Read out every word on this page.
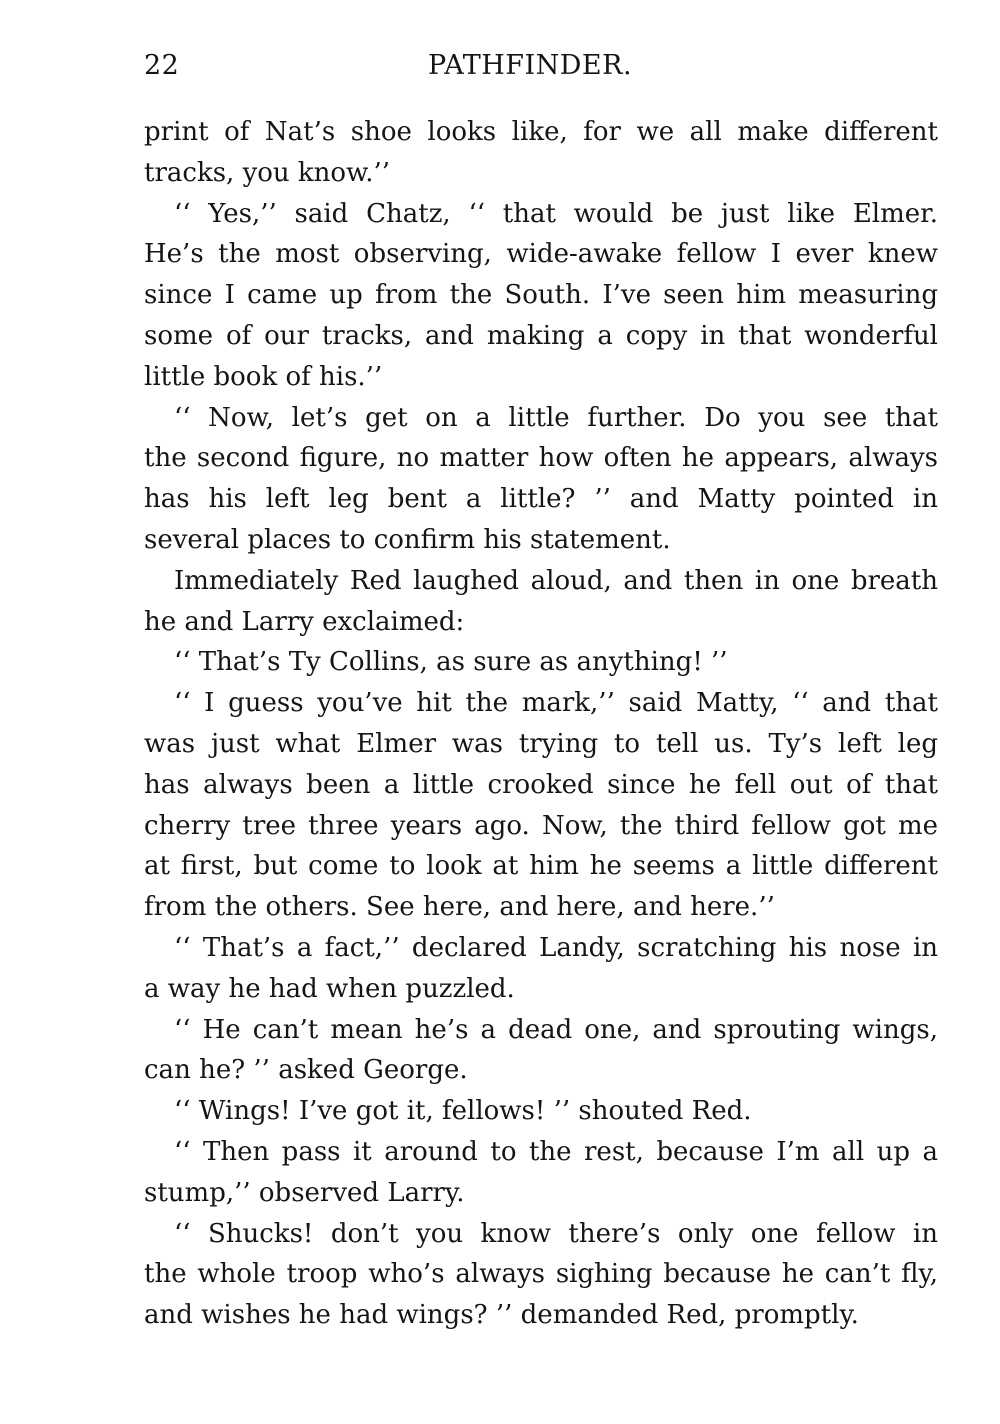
22	PATHFINDER.
print of Nat’s shoe looks like, for we all make different
tracks, you know.’’
‘‘ Yes,’’ said Chatz, ‘‘ that would be just like Elmer.
He’s the most observing, wide-awake fellow I ever knew
since I came up from the South. I’ve seen him measuring
some of our tracks, and making a copy in that wonderful
little book of his.’’
‘‘ Now, let’s get on a little further. Do you see that
the second figure, no matter how often he appears, always
has his left leg bent a little? ’’ and Matty pointed in
several places to confirm his statement.
Immediately Red laughed aloud, and then in one breath
he and Larry exclaimed:
‘‘ That’s Ty Collins, as sure as anything! ’’
‘‘ I guess you’ve hit the mark,’’ said Matty, ‘‘ and that
was just what Elmer was trying to tell us. Ty’s left leg
has always been a little crooked since he fell out of that
cherry tree three years ago. Now, the third fellow got me
at first, but come to look at him he seems a little different
from the others. See here, and here, and here.’’
‘‘ That’s a fact,’’ declared Landy, scratching his nose in
a way he had when puzzled.
‘‘ He can’t mean he’s a dead one, and sprouting wings,
can he? ’’ asked George.
‘‘ Wings! I’ve got it, fellows! ’’ shouted Red.
‘‘ Then pass it around to the rest, because I’m all up a
stump,’’ observed Larry.
‘‘ Shucks! don’t you know there’s only one fellow in
the whole troop who’s always sighing because he can’t fly,
and wishes he had wings? ’’ demanded Red, promptly.
